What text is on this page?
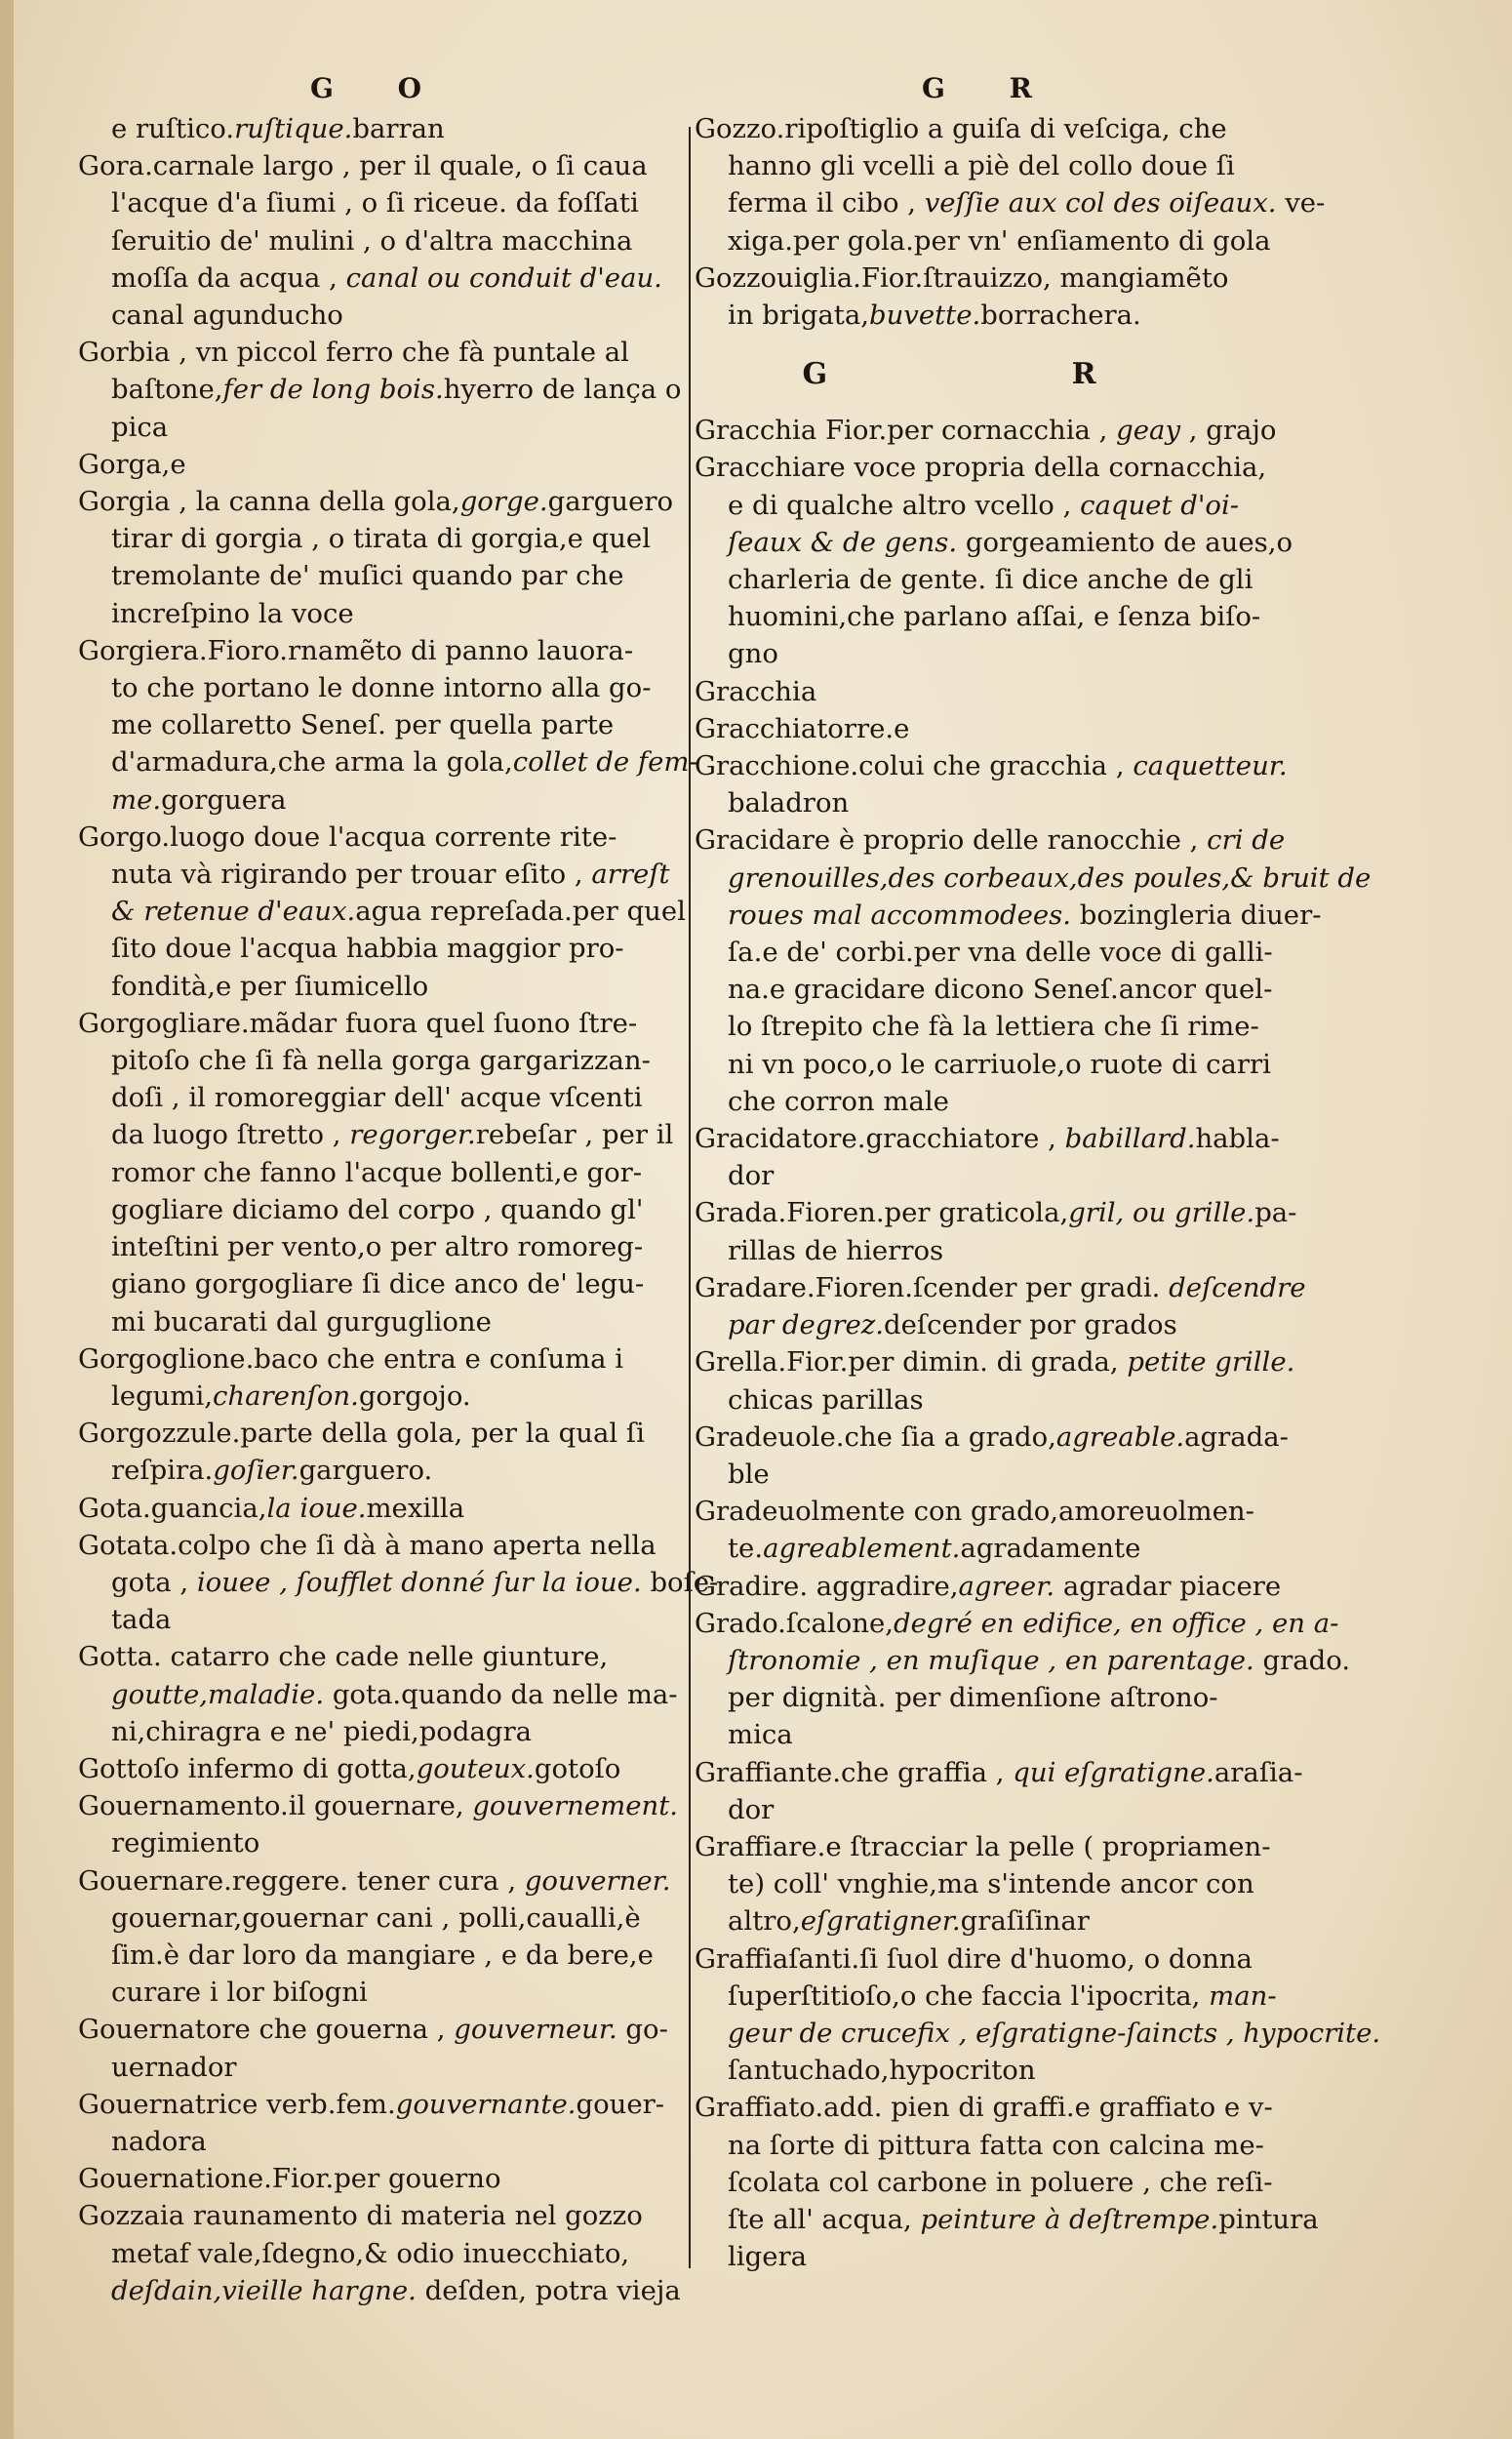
G O	G R
e ruſtico.ruſtique.barran
Gora.carnale largo , per il quale, o ſi caua
l'acque d'a ſiumi , o ſi riceue. da foſſati
ſeruitio de' mulini , o d'altra macchina
moſſa da acqua , canal ou conduit d'eau.
canal agunducho
Gorbia , vn piccol ferro che fà puntale al
baſtone,fer de long bois.hyerro de lança o
pica
Gorga,e
Gorgia , la canna della gola,gorge.garguero
tirar di gorgia , o tirata di gorgia,e quel
tremolante de' muſici quando par che
increſpino la voce
Gorgiera.Fioro.rnamẽto di panno lauora-
to che portano le donne intorno alla go-
me collaretto Seneſ. per quella parte
d'armadura,che arma la gola,collet de fem-
me.gorguera
Gorgo.luogo doue l'acqua corrente rite-
nuta và rigirando per trouar eſito , arreſt
& retenue d'eaux.agua repreſada.per quel
ſito doue l'acqua habbia maggior pro-
fondità,e per ſiumicello
Gorgogliare.mãdar fuora quel ſuono ſtre-
pitoſo che ſi fà nella gorga gargarizzan-
doſi , il romoreggiar dell' acque vſcenti
da luogo ſtretto , regorger.rebeſar , per il
romor che fanno l'acque bollenti,e gor-
gogliare diciamo del corpo , quando gl'
inteſtini per vento,o per altro romoreg-
giano gorgogliare ſi dice anco de' legu-
mi bucarati dal gurguglione
Gorgoglione.baco che entra e conſuma i
legumi,charenſon.gorgojo.
Gorgozzule.parte della gola, per la qual ſi
reſpira.goſier.garguero.
Gota.guancia,la ioue.mexilla
Gotata.colpo che ſi dà à mano aperta nella
gota , iouee , ſoufflet donné ſur la ioue. boſe-
tada
Gotta. catarro che cade nelle giunture,
goutte,maladie. gota.quando da nelle ma-
ni,chiragra e ne' piedi,podagra
Gottoſo infermo di gotta,gouteux.gotoſo
Gouernamento.il gouernare, gouvernement.
regimiento
Gouernare.reggere. tener cura , gouverner.
gouernar,gouernar cani , polli,caualli,è
ſim.è dar loro da mangiare , e da bere,e
curare i lor biſogni
Gouernatore che gouerna , gouverneur. go-
uernador
Gouernatrice verb.fem.gouvernante.gouer-
nadora
Gouernatione.Fior.per gouerno
Gozzaia raunamento di materia nel gozzo
metaf vale,ſdegno,& odio inuecchiato,
deſdain,vieille hargne. deſden, potra vieja
Gozzo.ripoſtiglio a guiſa di veſciga, che
hanno gli vcelli a piè del collo doue ſi
ferma il cibo , veſſie aux col des oiſeaux. ve-
xiga.per gola.per vn' enſiamento di gola
Gozzouiglia.Fior.ſtrauizzo, mangiamẽto
in brigata,buvette.borrachera.
G R
Gracchia Fior.per cornacchia , geay , grajo
Gracchiare voce propria della cornacchia,
e di qualche altro vcello , caquet d'oi-
ſeaux & de gens. gorgeamiento de aues,o
charleria de gente. ſi dice anche de gli
huomini,che parlano aſſai, e ſenza biſo-
gno
Gracchia
Gracchiatorre.e
Gracchione.colui che gracchia , caquetteur.
baladron
Gracidare è proprio delle ranocchie , cri de
grenouilles,des corbeaux,des poules,& bruit de
roues mal accommodees. bozingleria diuer-
ſa.e de' corbi.per vna delle voce di galli-
na.e gracidare dicono Seneſ.ancor quel-
lo ſtrepito che fà la lettiera che ſi rime-
ni vn poco,o le carriuole,o ruote di carri
che corron male
Gracidatore.gracchiatore , babillard.habla-
dor
Grada.Fioren.per graticola,gril, ou grille.pa-
rillas de hierros
Gradare.Fioren.ſcender per gradi. deſcendre
par degrez.deſcender por grados
Grella.Fior.per dimin. di grada, petite grille.
chicas parillas
Gradeuole.che ſia a grado,agreable.agrada-
ble
Gradeuolmente con grado,amoreuolmen-
te.agreablement.agradamente
Gradire. aggradire,agreer. agradar piacere
Grado.ſcalone,degré en edifice, en office , en a-
ſtronomie , en muſique , en parentage. grado.
per dignità. per dimenſione aſtrono-
mica
Graffiante.che graffia , qui eſgratigne.araſia-
dor
Graffiare.e ſtracciar la pelle ( propriamen-
te) coll' vnghie,ma s'intende ancor con
altro,eſgratigner.graſiſinar
Graffiaſanti.ſi ſuol dire d'huomo, o donna
ſuperſtitioſo,o che faccia l'ipocrita, man-
geur de crucefix , eſgratigne-ſaincts , hypocrite.
ſantuchado,hypocriton
Graffiato.add. pien di graffi.e graffiato e v-
na ſorte di pittura fatta con calcina me-
ſcolata col carbone in poluere , che reſi-
ſte all' acqua, peinture à deſtrempe.pintura
ligera
